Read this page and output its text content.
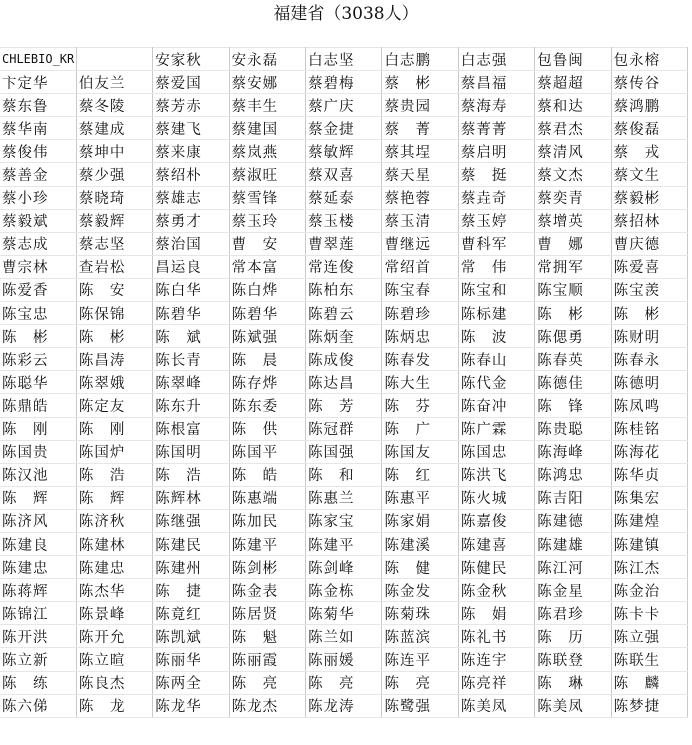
福建省（3038人）
CHLEBIO_KR		安家秋	安永磊	白志坚	白志鹏	白志强	包鲁闽	包永榕
卞定华	伯友兰	蔡爱国	蔡安娜	蔡碧梅	蔡　彬	蔡昌福	蔡超超	蔡传谷
蔡东鲁	蔡冬陵	蔡芳赤	蔡丰生	蔡广庆	蔡贵园	蔡海寿	蔡和达	蔡鸿鹏
蔡华南	蔡建成	蔡建飞	蔡建国	蔡金捷	蔡　菁	蔡菁菁	蔡君杰	蔡俊磊
蔡俊伟	蔡坤中	蔡来康	蔡岚燕	蔡敏辉	蔡其埕	蔡启明	蔡清风	蔡　戎
蔡善金	蔡少强	蔡绍朴	蔡淑旺	蔡双喜	蔡天星	蔡　挺	蔡文杰	蔡文生
蔡小珍	蔡晓琦	蔡雄志	蔡雪锋	蔡延泰	蔡艳蓉	蔡垚奇	蔡奕青	蔡毅彬
蔡毅斌	蔡毅辉	蔡勇才	蔡玉玲	蔡玉楼	蔡玉清	蔡玉婷	蔡增英	蔡招林
蔡志成	蔡志坚	蔡治国	曹　安	曹翠莲	曹继远	曹科军	曹　娜	曹庆德
曹宗林	查岩松	昌运良	常本富	常连俊	常绍首	常　伟	常拥军	陈爱喜
陈爱香	陈　安	陈白华	陈白烨	陈柏东	陈宝春	陈宝和	陈宝顺	陈宝羡
陈宝忠	陈保锦	陈碧华	陈碧华	陈碧云	陈碧珍	陈标建	陈　彬	陈　彬
陈　彬	陈　彬	陈　斌	陈斌强	陈炳奎	陈炳忠	陈　波	陈偲勇	陈财明
陈彩云	陈昌涛	陈长青	陈　晨	陈成俊	陈春发	陈春山	陈春英	陈春永
陈聪华	陈翠娥	陈翠峰	陈存烨	陈达昌	陈大生	陈代金	陈德佳	陈德明
陈鼎皓	陈定友	陈东升	陈东委	陈　芳	陈　芬	陈奋冲	陈　锋	陈凤鸣
陈　刚	陈　刚	陈根富	陈　供	陈冠群	陈　广	陈广霖	陈贵聪	陈桂铭
陈国贵	陈国炉	陈国明	陈国平	陈国强	陈国友	陈国忠	陈海峰	陈海花
陈汉池	陈　浩	陈　浩	陈　皓	陈　和	陈　红	陈洪飞	陈鸿忠	陈华贞
陈　辉	陈　辉	陈辉林	陈惠端	陈惠兰	陈惠平	陈火城	陈吉阳	陈集宏
陈济风	陈济秋	陈继强	陈加民	陈家宝	陈家娟	陈嘉俊	陈建德	陈建煌
陈建良	陈建林	陈建民	陈建平	陈建平	陈建溪	陈建喜	陈建雄	陈建镇
陈建忠	陈建忠	陈建州	陈剑彬	陈剑峰	陈　健	陈健民	陈江河	陈江杰
陈蒋辉	陈杰华	陈　捷	陈金表	陈金栋	陈金发	陈金秋	陈金星	陈金治
陈锦江	陈景峰	陈竟红	陈居贤	陈菊华	陈菊珠	陈　娟	陈君珍	陈卡卡
陈开洪	陈开允	陈凯斌	陈　魁	陈兰如	陈蓝滨	陈礼书	陈　历	陈立强
陈立新	陈立暄	陈丽华	陈丽霞	陈丽媛	陈连平	陈连宇	陈联登	陈联生
陈　练	陈良杰	陈两全	陈　亮	陈　亮	陈　亮	陈亮祥	陈　琳	陈　麟
陈六俤	陈　龙	陈龙华	陈龙杰	陈龙涛	陈鹭强	陈美凤	陈美凤	陈梦捷
